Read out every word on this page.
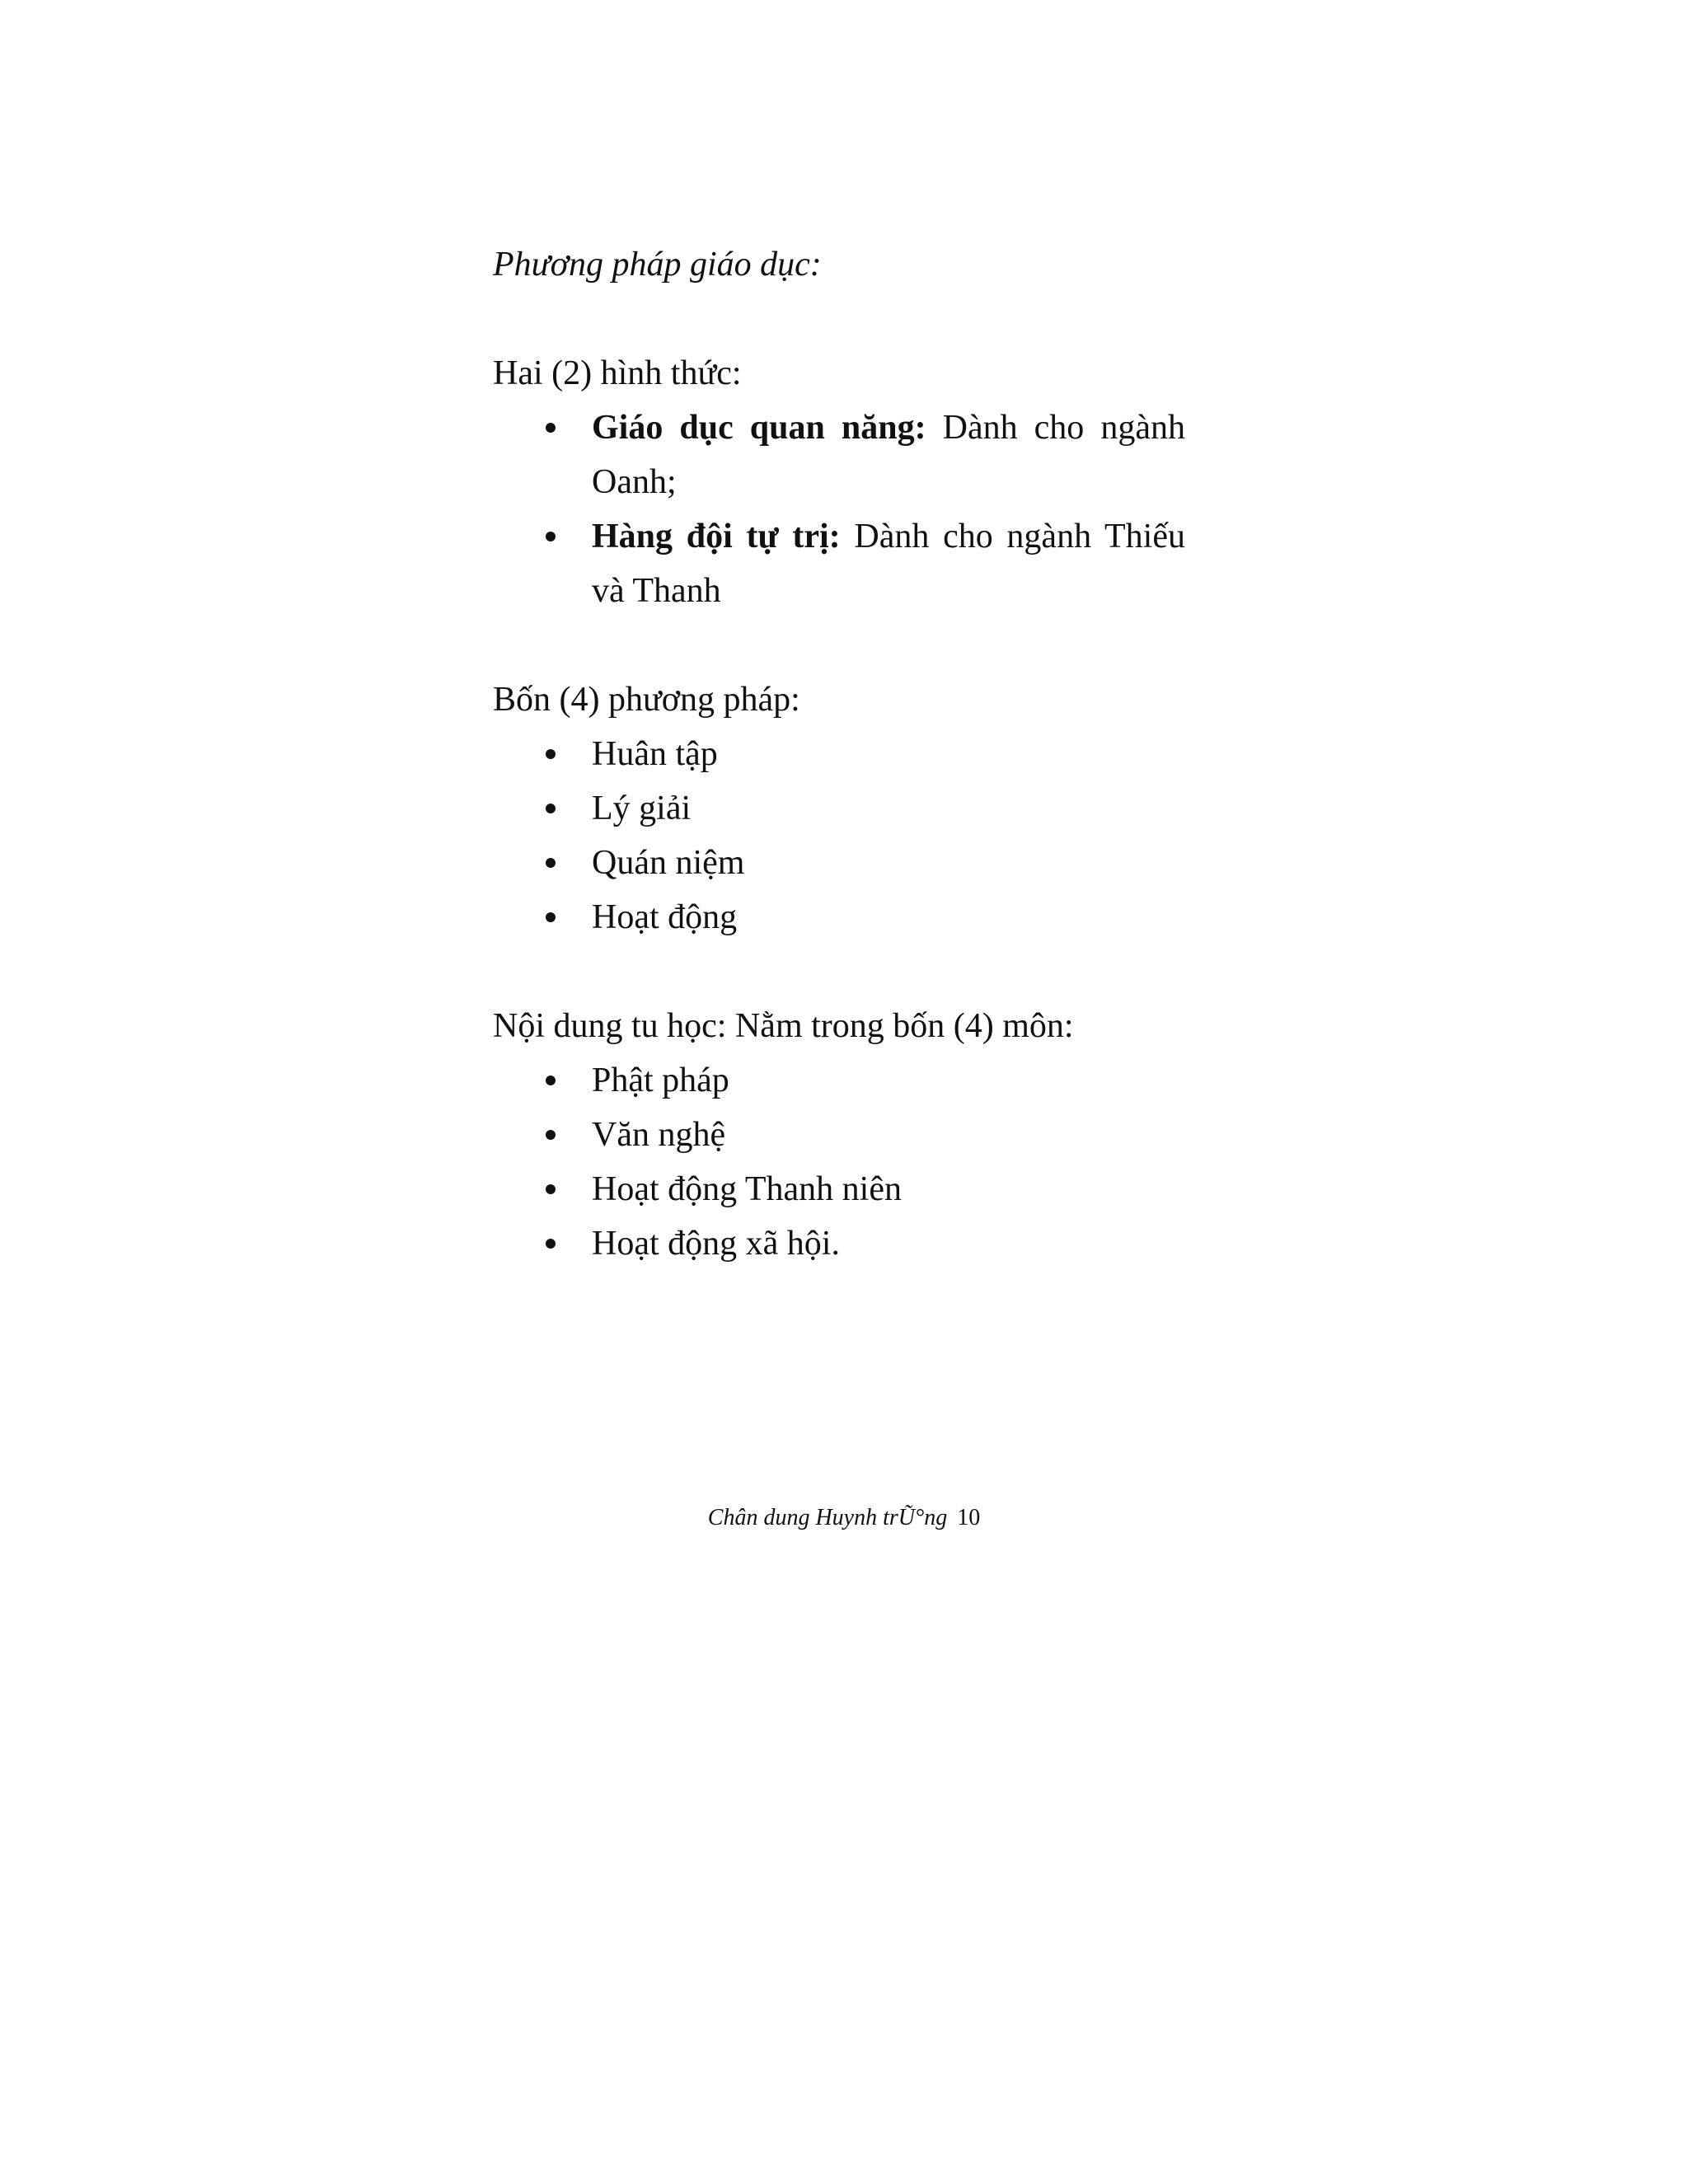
Phương pháp giáo dục:

Hai (2) hình thức:

Giáo dục quan năng: Dành cho ngành Oanh;
Hàng đội tự trị: Dành cho ngành Thiếu và Thanh

Bốn (4) phương pháp:

Huân tập
Lý giải
Quán niệm
Hoạt động

Nội dung tu học: Nằm trong bốn (4) môn:

Phật pháp
Văn nghệ
Hoạt động Thanh niên
Hoạt động xã hội.
Chân dung Huynh trŨ°ng 10
